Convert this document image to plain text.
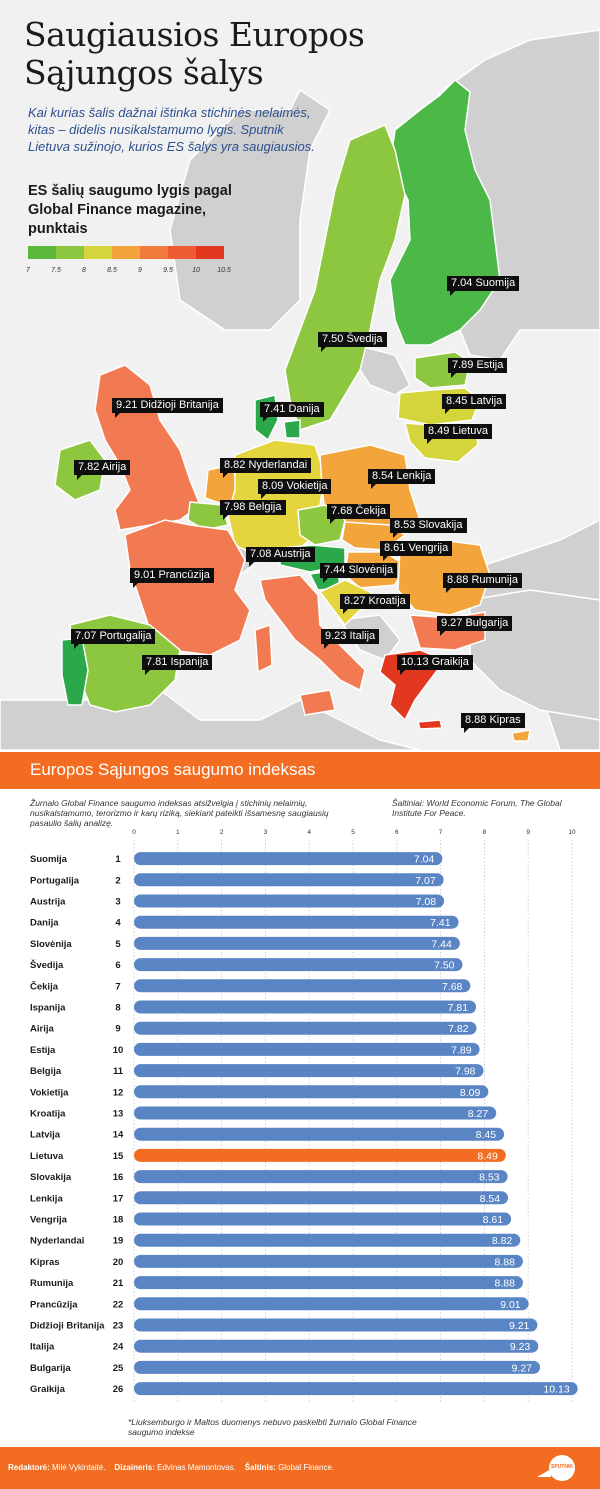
Saugiausios Europos
Sąjungos šalys
Kai kurias šalis dažnai ištinka stichinės nelaimės, kitas – didelis nusikalstamumo lygis. Sputnik Lietuva sužinojo, kurios ES šalys yra saugiausios.
ES šalių saugumo lygis pagal Global Finance magazine, punktais
7	7.5	8	8.5	9	9.5	10 10.5
7.04 Suomija
7.50 Švedija
7.89 Estija
8.45 Latvija
8.49 Lietuva
9.21 Didžioji Britanija	7.41 Danija
7.82 Airija	8.82 Nyderlandai
8.54 Lenkija
8.09 Vokietija
7.98 Belgija	7.68 Čekija
8.53 Slovakija
8.61 Vengrija
7.08 Austrija
9.01 Prancūzija	7.44 Slovėnija
8.88 Rumunija
8.27 Kroatija
7.07 Portugalija	9.23 Italija
9.27 Bulgarija
7.81 Ispanija	10.13 Graikija
8.88 Kipras
Europos Sąjungos saugumo indeksas
Žurnalo Global Finance saugumo indeksas atsižvelgia į stichinių nelaimių, nusikalstamumo, terorizmo ir karų riziką, siekiant pateikti išsamesnę saugiausių pasaulio šalių analizę.
Šaltiniai: World Economic Forum, The Global Institute For Peace.
0	1	2	3	4	5	6	7	8	9	10
Suomija	1	7.04
Portugalija	2	7.07
Austrija	3	7.08
Danija	4	7.41
Slovėnija	5	7.44
Švedija	6	7.50
Čekija	7	7.68
Ispanija	8	7.81
Airija	9	7.82
Estija	10	7.89
Belgija	11	7.98
Vokietija	12	8.09
Kroatija	13	8.27
Latvija	14	8.45
Lietuva	15	8.49
Slovakija	16	8.53
Lenkija	17	8.54
Vengrija	18	8.61
Nyderlandai	19	8.82
Kipras	20	8.88
Rumunija	21	8.88
Prancūzija	22	9.01
Didžioji Britanija 23	9.21
Italija	24	9.23
Bulgarija	25	9.27
Graikija	26	10.13
*Liuksemburgo ir Maltos duomenys nebuvo paskelbti žurnalo Global Finance saugumo indekse
Redaktorė: Milė Vykintaitė. Dizaineris: Edvinas Mamontovas. Šaltinis: Global Finance.	SPUTNIK
